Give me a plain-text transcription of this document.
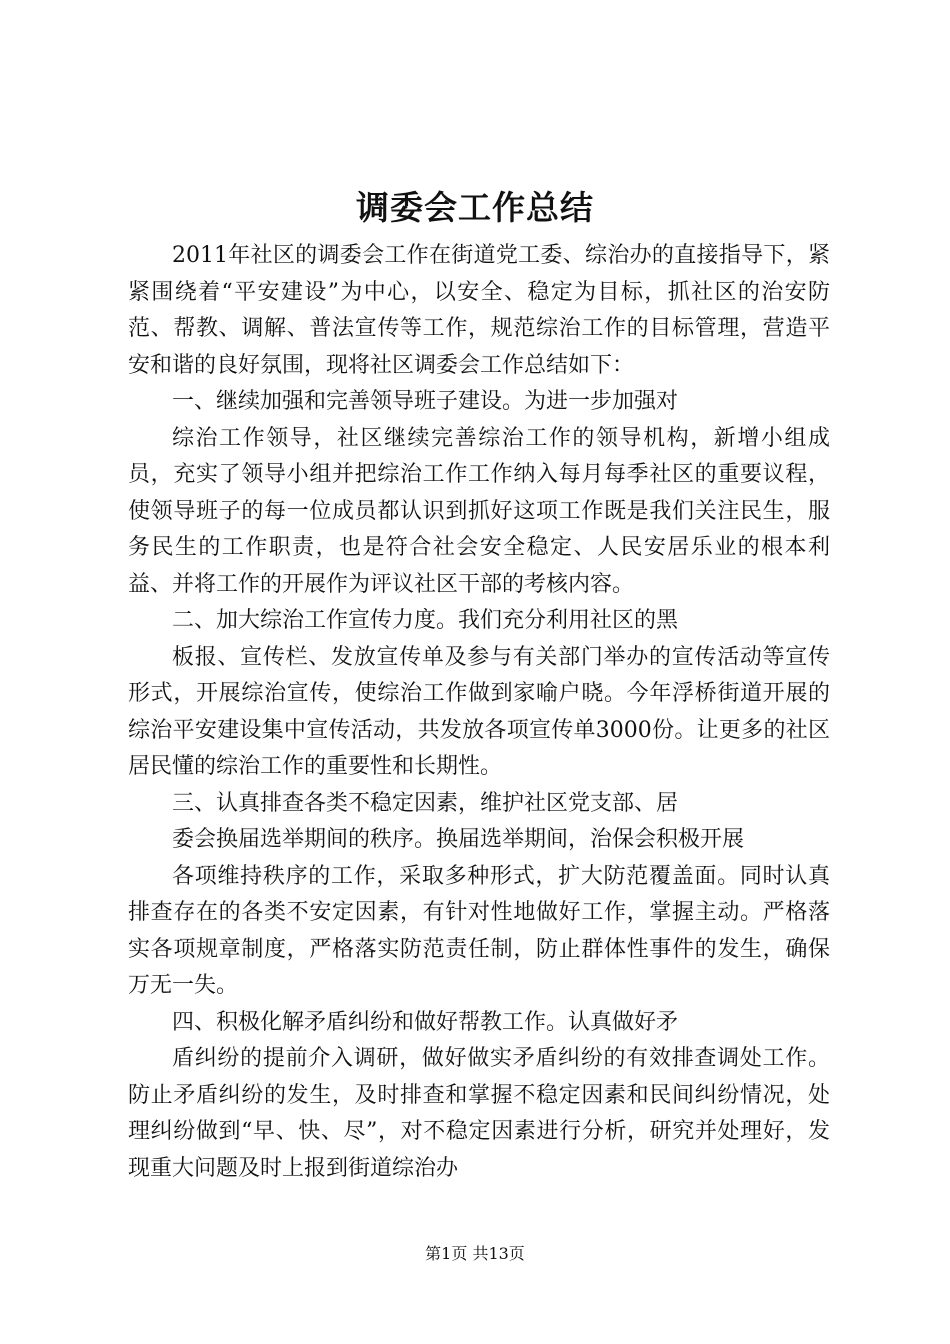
调委会工作总结

2011年社区的调委会工作在街道党工委、综治办的直接指导下，紧紧围绕着“平安建设”为中心，以安全、稳定为目标，抓社区的治安防范、帮教、调解、普法宣传等工作，规范综治工作的目标管理，营造平安和谐的良好氛围，现将社区调委会工作总结如下：

一、继续加强和完善领导班子建设。为进一步加强对

综治工作领导，社区继续完善综治工作的领导机构，新增小组成员，充实了领导小组并把综治工作工作纳入每月每季社区的重要议程，使领导班子的每一位成员都认识到抓好这项工作既是我们关注民生，服务民生的工作职责，也是符合社会安全稳定、人民安居乐业的根本利益、并将工作的开展作为评议社区干部的考核内容。

二、加大综治工作宣传力度。我们充分利用社区的黑

板报、宣传栏、发放宣传单及参与有关部门举办的宣传活动等宣传形式，开展综治宣传，使综治工作做到家喻户晓。今年浮桥街道开展的综治平安建设集中宣传活动，共发放各项宣传单3000份。让更多的社区居民懂的综治工作的重要性和长期性。

三、认真排查各类不稳定因素，维护社区党支部、居

委会换届选举期间的秩序。换届选举期间，治保会积极开展

各项维持秩序的工作，采取多种形式，扩大防范覆盖面。同时认真排查存在的各类不安定因素，有针对性地做好工作，掌握主动。严格落实各项规章制度，严格落实防范责任制，防止群体性事件的发生，确保万无一失。

四、积极化解矛盾纠纷和做好帮教工作。认真做好矛

盾纠纷的提前介入调研，做好做实矛盾纠纷的有效排查调处工作。防止矛盾纠纷的发生，及时排查和掌握不稳定因素和民间纠纷情况，处理纠纷做到“早、快、尽”，对不稳定因素进行分析，研究并处理好，发现重大问题及时上报到街道综治办

第1页 共13页
